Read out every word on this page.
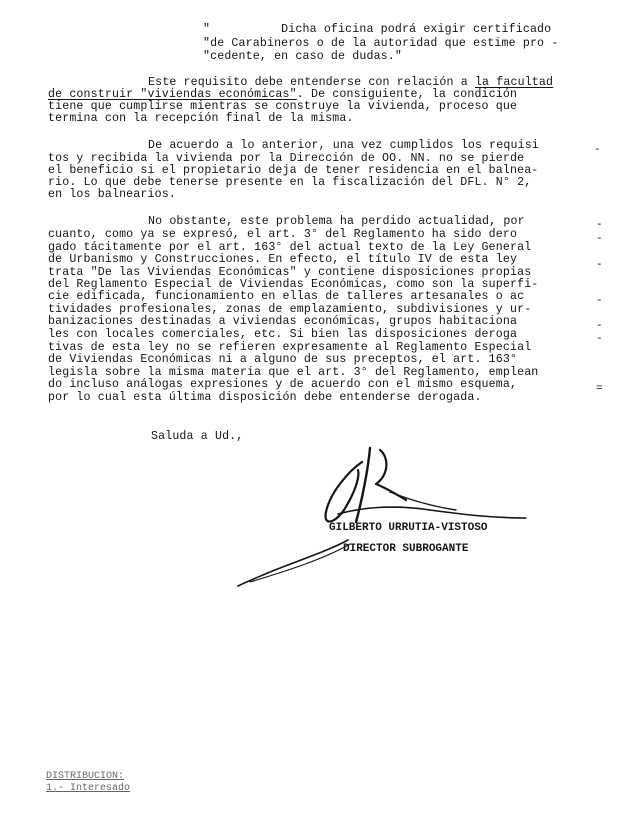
"          Dicha oficina podrá exigir certificado
"de Carabineros o de la autoridad que estime pro -
"cedente, en caso de dudas."
Este requisito debe entenderse con relación a la facultad
de construir "viviendas económicas". De consiguiente, la condición
tiene que cumplirse mientras se construye la vivienda, proceso que
termina con la recepción final de la misma.
De acuerdo a lo anterior, una vez cumplidos los requisi	-
tos y recibida la vivienda por la Dirección de OO. NN. no se pierde
el beneficio si el propietario deja de tener residencia en el balnea-
rio. Lo que debe tenerse presente en la fiscalización del DFL. N° 2,
en los balnearios.
No obstante, este problema ha perdido actualidad, por	-
cuanto, como ya se expresó, el art. 3° del Reglamento ha sido dero	-
gado tácitamente por el art. 163° del actual texto de la Ley General
de Urbanismo y Construcciones. En efecto, el título IV de esta ley	-
trata "De las Viviendas Económicas" y contiene disposiciones propias
del Reglamento Especial de Viviendas Económicas, como son la superfi-
cie edificada, funcionamiento en ellas de talleres artesanales o ac	-
tividades profesionales, zonas de emplazamiento, subdivisiones y ur-
banizaciones destinadas a viviendas económicas, grupos habitaciona	-
les con locales comerciales, etc. Si bien las disposiciones deroga	-
tivas de esta ley no se refieren expresamente al Reglamento Especial
de Viviendas Económicas ni a alguno de sus preceptos, el art. 163°
legisla sobre la misma materia que el art. 3° del Reglamento, emplean
do incluso análogas expresiones y de acuerdo con el mismo esquema,	=
por lo cual esta última disposición debe entenderse derogada.
Saluda a Ud.,
GILBERTO URRUTIA-VISTOSO
DIRECTOR SUBROGANTE
DISTRIBUCION:
1.- Interesado
